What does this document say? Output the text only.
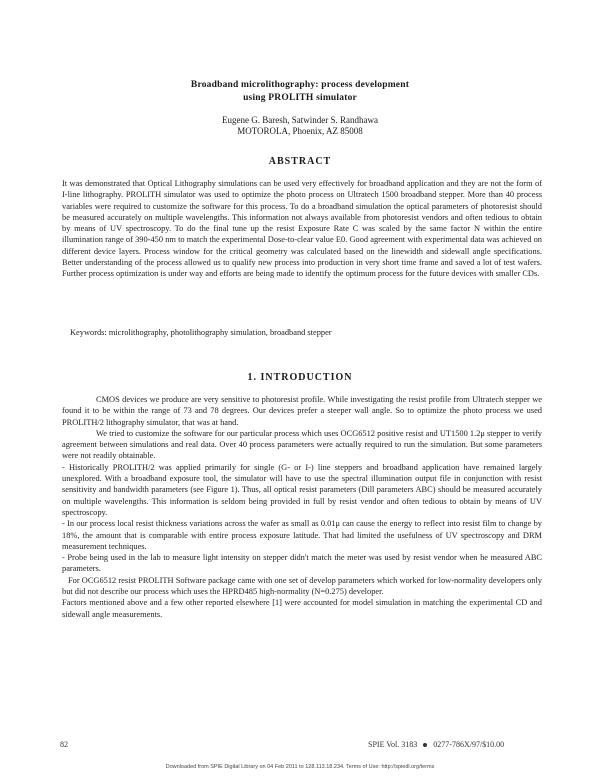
Broadband microlithography: process development
using PROLITH simulator
Eugene G. Baresh, Satwinder S. Randhawa
MOTOROLA, Phoenix, AZ 85008
ABSTRACT

It was demonstrated that Optical Lithography simulations can be used very effectively for broadband application and they are not the form of I-line lithography. PROLITH simulator was used to optimize the photo process on Ultratech 1500 broadband stepper. More than 40 process variables were required to customize the software for this process. To do a broadband simulation the optical parameters of photoresist should be measured accurately on multiple wavelengths. This information not always available from photoresist vendors and often tedious to obtain by means of UV spectroscopy. To do the final tune up the resist Exposure Rate C was scaled by the same factor N within the entire illumination range of 390-450 nm to match the experimental Dose-to-clear value E0. Good agreement with experimental data was achieved on different device layers. Process window for the critical geometry was calculated based on the linewidth and sidewall angle specifications. Better understanding of the process allowed us to qualify new process into production in very short time frame and saved a lot of test wafers. Further process optimization is under way and efforts are being made to identify the optimum process for the future devices with smaller CDs.

Keywords: microlithography, photolithography simulation, broadband stepper
1. INTRODUCTION

CMOS devices we produce are very sensitive to photoresist profile. While investigating the resist profile from Ultratech stepper we found it to be within the range of 73 and 78 degrees. Our devices prefer a steeper wall angle. So to optimize the photo process we used PROLITH/2 lithography simulator, that was at hand.

We tried to customize the software for our particular process which uses OCG6512 positive resist and UT1500 1.2μ stepper to verify agreement between simulations and real data. Over 40 process parameters were actually required to run the simulation. But some parameters were not readily obtainable.

- Historically PROLITH/2 was applied primarily for single (G- or I-) line steppers and broadband application have remained largely unexplored. With a broadband exposure tool, the simulator will have to use the spectral illumination output file in conjunction with resist sensitivity and bandwidth parameters (see Figure 1). Thus, all optical resist parameters (Dill parameters ABC) should be measured accurately on multiple wavelengths. This information is seldom being provided in full by resist vendor and often tedious to obtain by means of UV spectroscopy.

- In our process local resist thickness variations across the wafer as small as 0.01μ can cause the energy to reflect into resist film to change by 18%, the amount that is comparable with entire process exposure latitude. That had limited the usefulness of UV spectroscopy and DRM measurement techniques.

- Probe being used in the lab to measure light intensity on stepper didn't match the meter was used by resist vendor when he measured ABC parameters.

For OCG6512 resist PROLITH Software package came with one set of develop parameters which worked for low-normality developers only but did not describe our process which uses the HPRD485 high-normality (N=0.275) developer.

Factors mentioned above and a few other reported elsewhere [1] were accounted for model simulation in matching the experimental CD and sidewall angle measurements.

82	SPIE Vol. 3183 0277-786X/97/$10.00
Downloaded from SPIE Digital Library on 04 Feb 2011 to 128.113.18.234. Terms of Use: http://spiedl.org/terms
